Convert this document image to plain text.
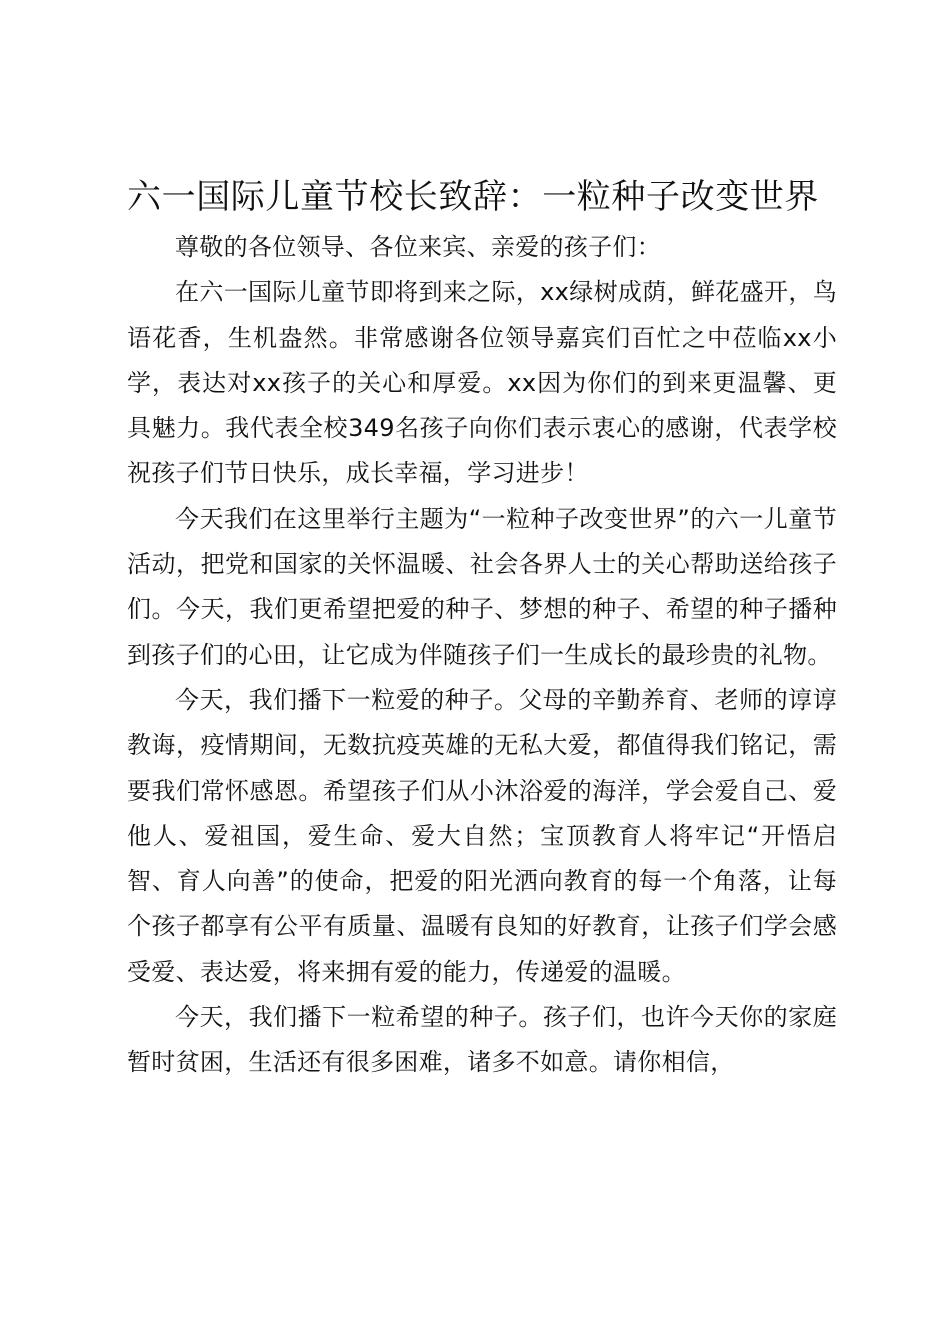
六一国际儿童节校长致辞：一粒种子改变世界

尊敬的各位领导、各位来宾、亲爱的孩子们：

在六一国际儿童节即将到来之际，xx绿树成荫，鲜花盛开，鸟语花香，生机盎然。非常感谢各位领导嘉宾们百忙之中莅临xx小学，表达对xx孩子的关心和厚爱。xx因为你们的到来更温馨、更具魅力。我代表全校349名孩子向你们表示衷心的感谢，代表学校祝孩子们节日快乐，成长幸福，学习进步！

今天我们在这里举行主题为“一粒种子改变世界”的六一儿童节活动，把党和国家的关怀温暖、社会各界人士的关心帮助送给孩子们。今天，我们更希望把爱的种子、梦想的种子、希望的种子播种到孩子们的心田，让它成为伴随孩子们一生成长的最珍贵的礼物。

今天，我们播下一粒爱的种子。父母的辛勤养育、老师的谆谆教诲，疫情期间，无数抗疫英雄的无私大爱，都值得我们铭记，需要我们常怀感恩。希望孩子们从小沐浴爱的海洋，学会爱自己、爱他人、爱祖国，爱生命、爱大自然；宝顶教育人将牢记“开悟启智、育人向善”的使命，把爱的阳光洒向教育的每一个角落，让每个孩子都享有公平有质量、温暖有良知的好教育，让孩子们学会感受爱、表达爱，将来拥有爱的能力，传递爱的温暖。

今天，我们播下一粒希望的种子。孩子们，也许今天你的家庭暂时贫困，生活还有很多困难，诸多不如意。请你相信，
